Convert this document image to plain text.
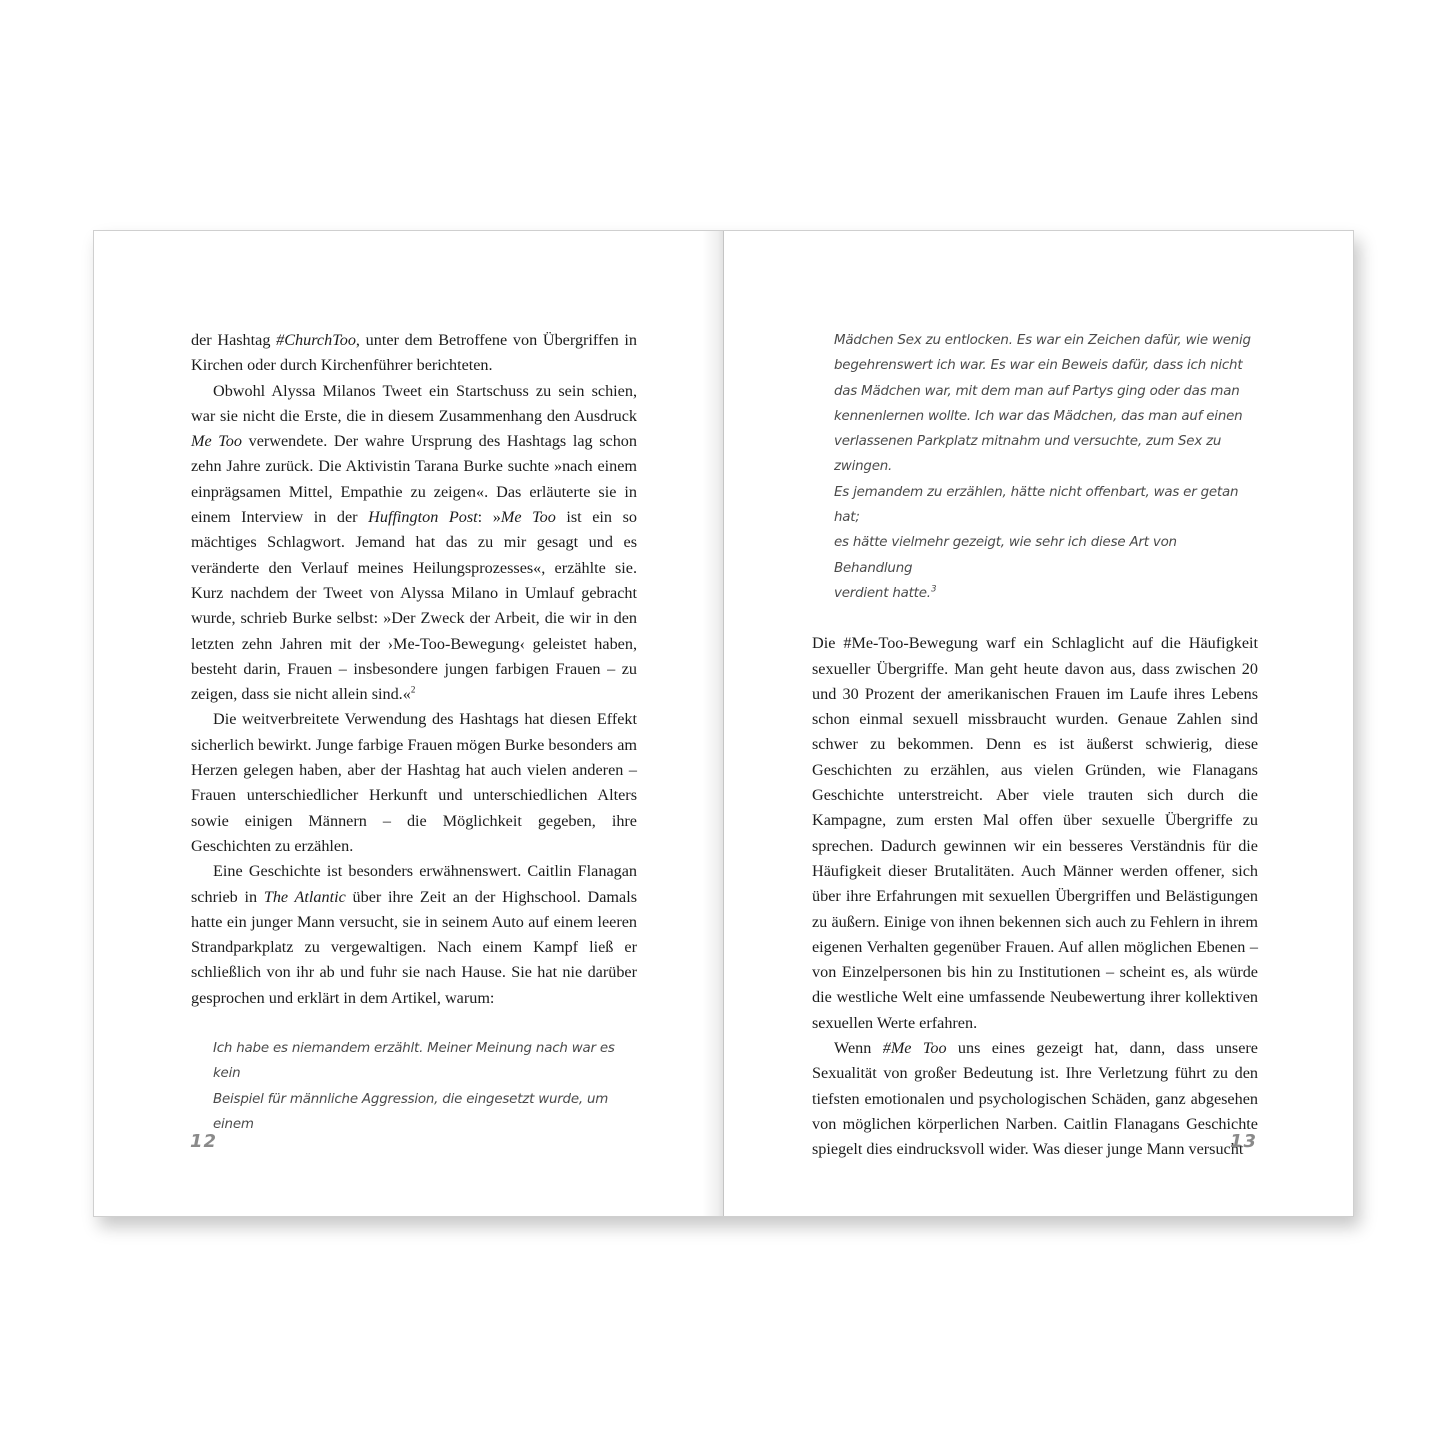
der Hashtag #ChurchToo, unter dem Betroffene von Übergriffen in Kirchen oder durch Kirchenführer berichteten.

Obwohl Alyssa Milanos Tweet ein Startschuss zu sein schien, war sie nicht die Erste, die in diesem Zusammenhang den Ausdruck Me Too verwendete. Der wahre Ursprung des Hashtags lag schon zehn Jahre zurück. Die Aktivistin Tarana Burke suchte »nach einem einprägsamen Mittel, Empathie zu zeigen«. Das erläuterte sie in einem Interview in der Huffington Post: »Me Too ist ein so mächtiges Schlagwort. Jemand hat das zu mir gesagt und es veränderte den Verlauf meines Heilungsprozesses«, erzählte sie. Kurz nachdem der Tweet von Alyssa Milano in Umlauf gebracht wurde, schrieb Burke selbst: »Der Zweck der Arbeit, die wir in den letzten zehn Jahren mit der ›Me-Too-Bewegung‹ geleistet haben, besteht darin, Frauen – insbesondere jungen farbigen Frauen – zu zeigen, dass sie nicht allein sind.«$^2$

Die weitverbreitete Verwendung des Hashtags hat diesen Effekt sicherlich bewirkt. Junge farbige Frauen mögen Burke besonders am Herzen gelegen haben, aber der Hashtag hat auch vielen anderen – Frauen unterschiedlicher Herkunft und unterschiedlichen Alters sowie einigen Männern – die Möglichkeit gegeben, ihre Geschichten zu erzählen.

Eine Geschichte ist besonders erwähnenswert. Caitlin Flanagan schrieb in The Atlantic über ihre Zeit an der Highschool. Damals hatte ein junger Mann versucht, sie in seinem Auto auf einem leeren Strandparkplatz zu vergewaltigen. Nach einem Kampf ließ er schließlich von ihr ab und fuhr sie nach Hause. Sie hat nie darüber gesprochen und erklärt in dem Artikel, warum:

Ich habe es niemandem erzählt. Meiner Meinung nach war es kein
Beispiel für männliche Aggression, die eingesetzt wurde, um einem
12
Mädchen Sex zu entlocken. Es war ein Zeichen dafür, wie wenig
begehrenswert ich war. Es war ein Beweis dafür, dass ich nicht
das Mädchen war, mit dem man auf Partys ging oder das man
kennenlernen wollte. Ich war das Mädchen, das man auf einen
verlassenen Parkplatz mitnahm und versuchte, zum Sex zu zwingen.
Es jemandem zu erzählen, hätte nicht offenbart, was er getan hat;
es hätte vielmehr gezeigt, wie sehr ich diese Art von Behandlung
verdient hatte.$^3$

Die #Me-Too-Bewegung warf ein Schlaglicht auf die Häufigkeit sexueller Übergriffe. Man geht heute davon aus, dass zwischen 20 und 30 Prozent der amerikanischen Frauen im Laufe ihres Lebens schon einmal sexuell missbraucht wurden. Genaue Zahlen sind schwer zu bekommen. Denn es ist äußerst schwierig, diese Geschichten zu erzählen, aus vielen Gründen, wie Flanagans Geschichte unterstreicht. Aber viele trauten sich durch die Kampagne, zum ersten Mal offen über sexuelle Übergriffe zu sprechen. Dadurch gewinnen wir ein besseres Verständnis für die Häufigkeit dieser Brutalitäten. Auch Männer werden offener, sich über ihre Erfahrungen mit sexuellen Übergriffen und Belästigungen zu äußern. Einige von ihnen bekennen sich auch zu Fehlern in ihrem eigenen Verhalten gegenüber Frauen. Auf allen möglichen Ebenen – von Einzelpersonen bis hin zu Institutionen – scheint es, als würde die westliche Welt eine umfassende Neubewertung ihrer kollektiven sexuellen Werte erfahren.

Wenn #Me Too uns eines gezeigt hat, dann, dass unsere Sexualität von großer Bedeutung ist. Ihre Verletzung führt zu den tiefsten emotionalen und psychologischen Schäden, ganz abgesehen von möglichen körperlichen Narben. Caitlin Flanagans Geschichte spiegelt dies eindrucksvoll wider. Was dieser junge Mann versucht

13
